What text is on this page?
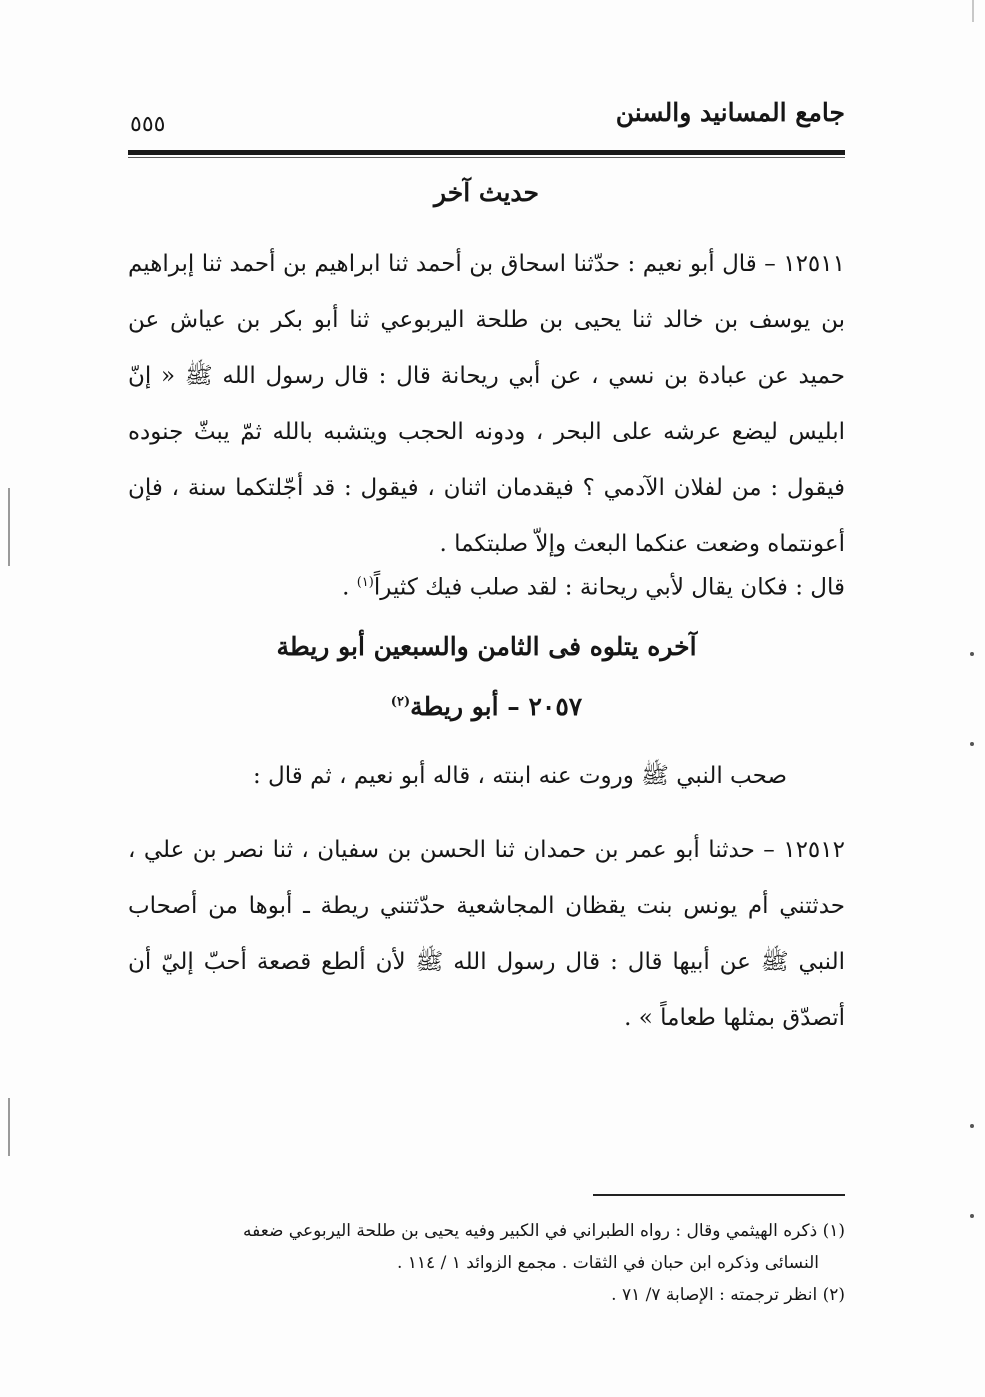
جامع المسانيد والسنن
٥٥٥
حديث آخر

١٢٥١١ – قال أبو نعيم : حدّثنا اسحاق بن أحمد ثنا ابراهيم بن أحمد ثنا إبراهيم بن يوسف بن خالد ثنا يحيى بن طلحة اليربوعي ثنا أبو بكر بن عياش عن حميد عن عبادة بن نسي ، عن أبي ريحانة قال : قال رسول الله ﷺ « إنّ ابليس ليضع عرشه على البحر ، ودونه الحجب ويتشبه بالله ثمّ يبثّ جنوده فيقول : من لفلان الآدمي ؟ فيقدمان اثنان ، فيقول : قد أجّلتكما سنة ، فإن أعونتماه وضعت عنكما البعث وإلاّ صلبتكما .

قال : فكان يقال لأبي ريحانة : لقد صلب فيك كثيراً$^{(١)}$ .
آخره يتلوه فى الثامن والسبعين أبو ريطة
٢٠٥٧ – أبو ريطة$^{(٢)}$
صحب النبي ﷺ وروت عنه ابنته ، قاله أبو نعيم ، ثم قال :

١٢٥١٢ – حدثنا أبو عمر بن حمدان ثنا الحسن بن سفيان ، ثنا نصر بن علي ، حدثتني أم يونس بنت يقظان المجاشعية حدّثتني ريطة ـ أبوها من أصحاب النبي ﷺ عن أبيها قال : قال رسول الله ﷺ لأن ألطع قصعة أحبّ إليّ أن أتصدّق بمثلها طعاماً » .

(١) ذكره الهيثمي وقال : رواه الطبراني في الكبير وفيه يحيى بن طلحة اليربوعي ضعفه

النسائى وذكره ابن حبان في الثقات . مجمع الزوائد ١ / ١١٤ .

(٢) انظر ترجمته : الإصابة ٧/ ٧١ .
